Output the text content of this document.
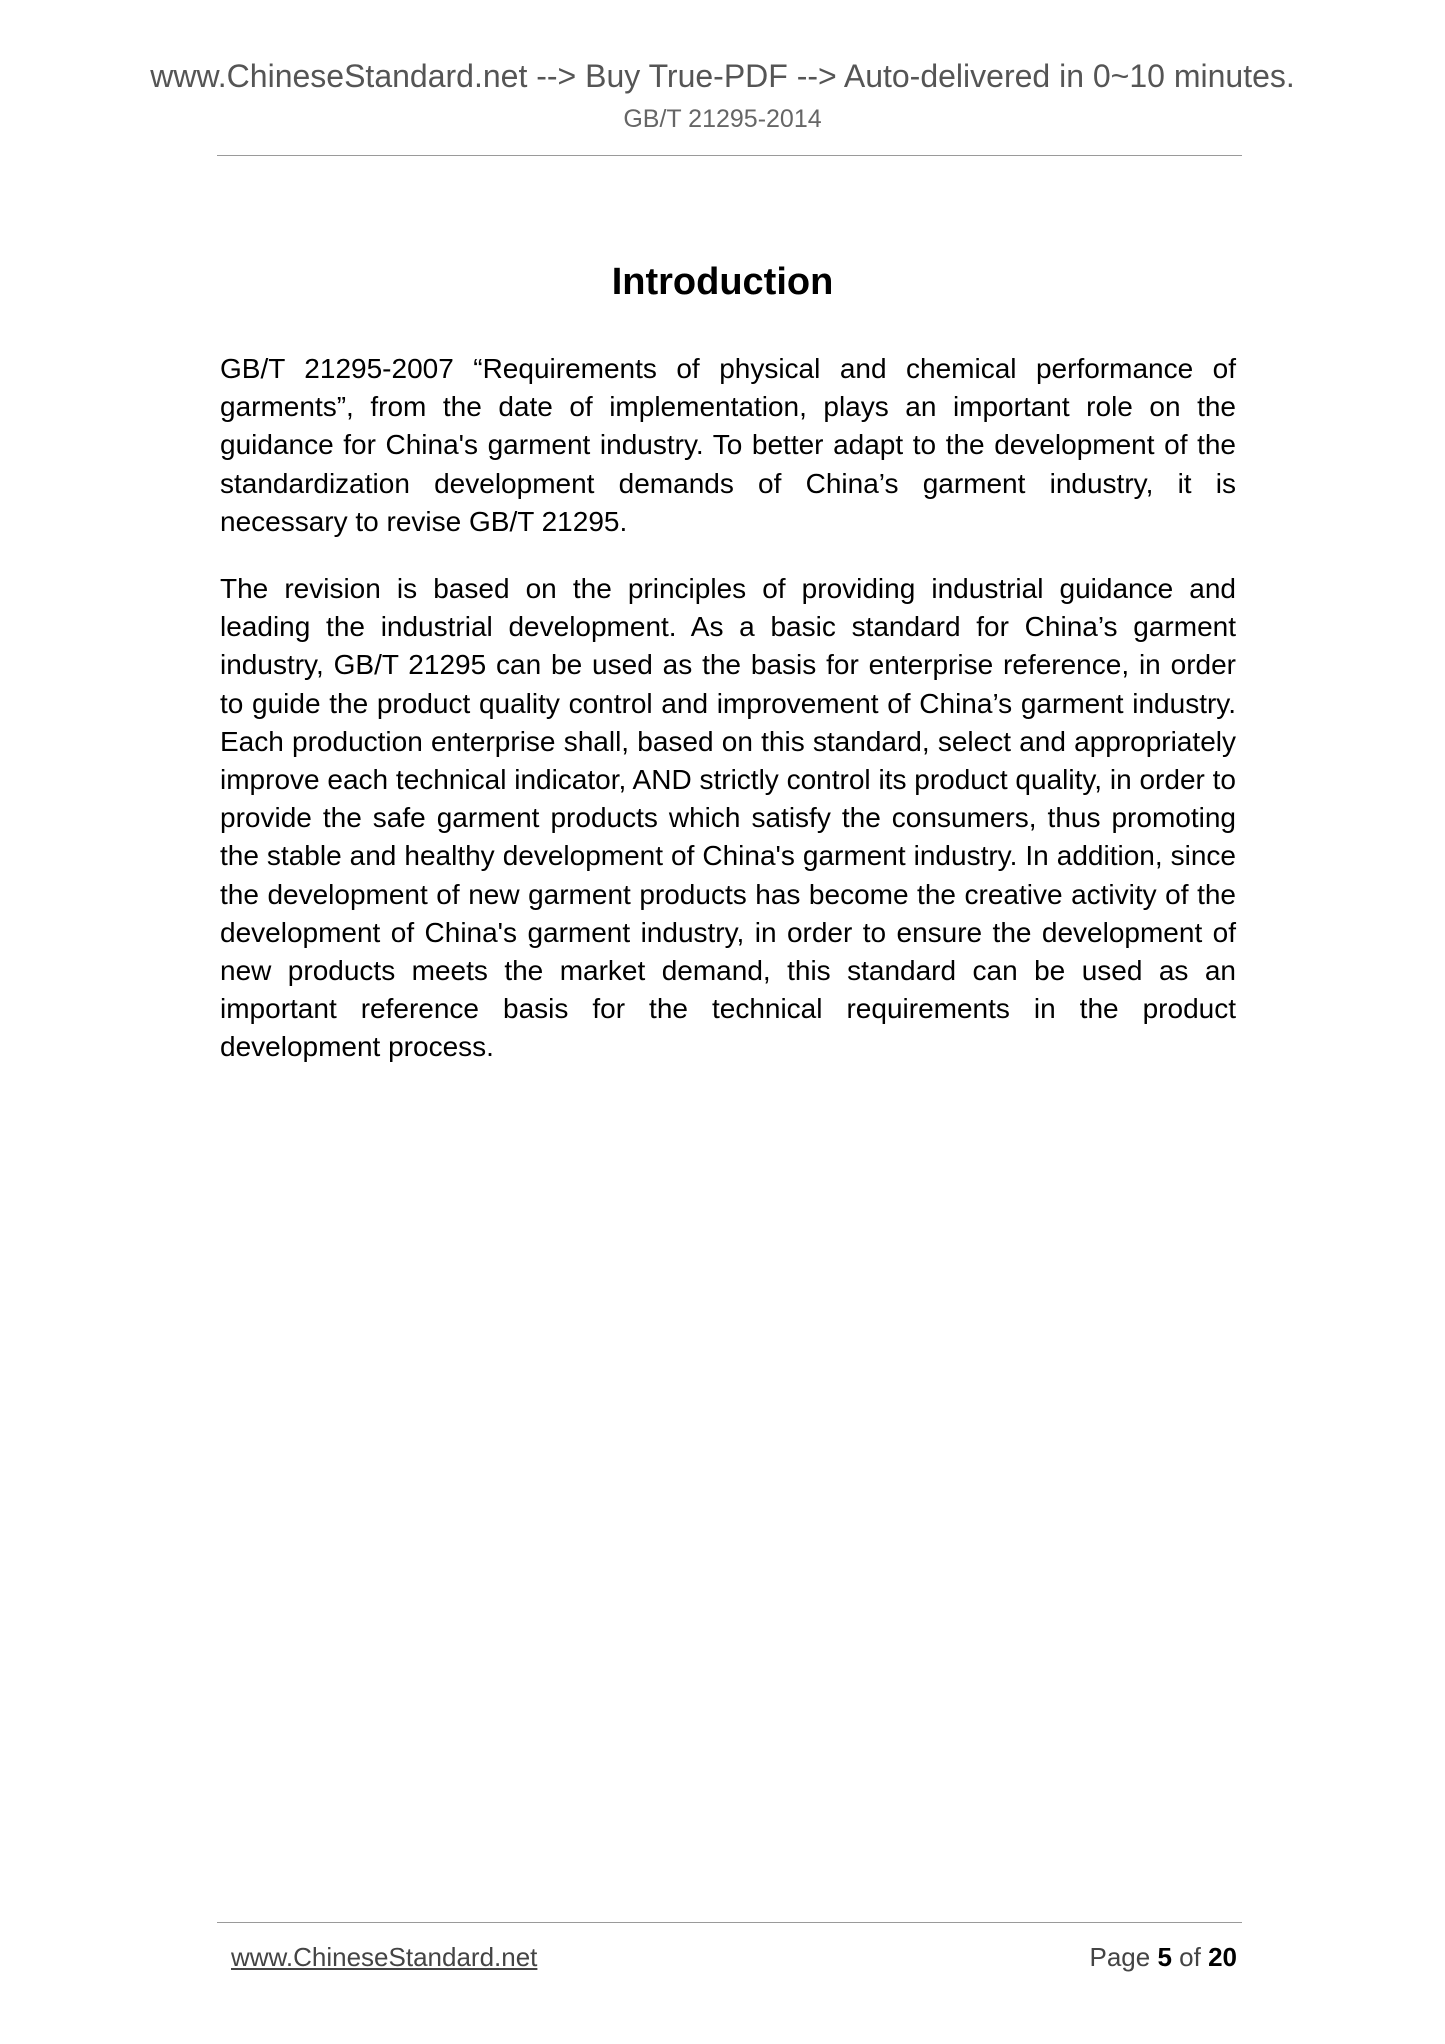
www.ChineseStandard.net --> Buy True-PDF --> Auto-delivered in 0~10 minutes.
GB/T 21295-2014
Introduction

GB/T 21295-2007 “Requirements of physical and chemical performance of garments”, from the date of implementation, plays an important role on the guidance for China's garment industry. To better adapt to the development of the standardization development demands of China’s garment industry, it is necessary to revise GB/T 21295.

The revision is based on the principles of providing industrial guidance and leading the industrial development. As a basic standard for China’s garment industry, GB/T 21295 can be used as the basis for enterprise reference, in order to guide the product quality control and improvement of China’s garment industry. Each production enterprise shall, based on this standard, select and appropriately improve each technical indicator, AND strictly control its product quality, in order to provide the safe garment products which satisfy the consumers, thus promoting the stable and healthy development of China's garment industry. In addition, since the development of new garment products has become the creative activity of the development of China's garment industry, in order to ensure the development of new products meets the market demand, this standard can be used as an important reference basis for the technical requirements in the product development process.

www.ChineseStandard.net	Page 5 of 20
